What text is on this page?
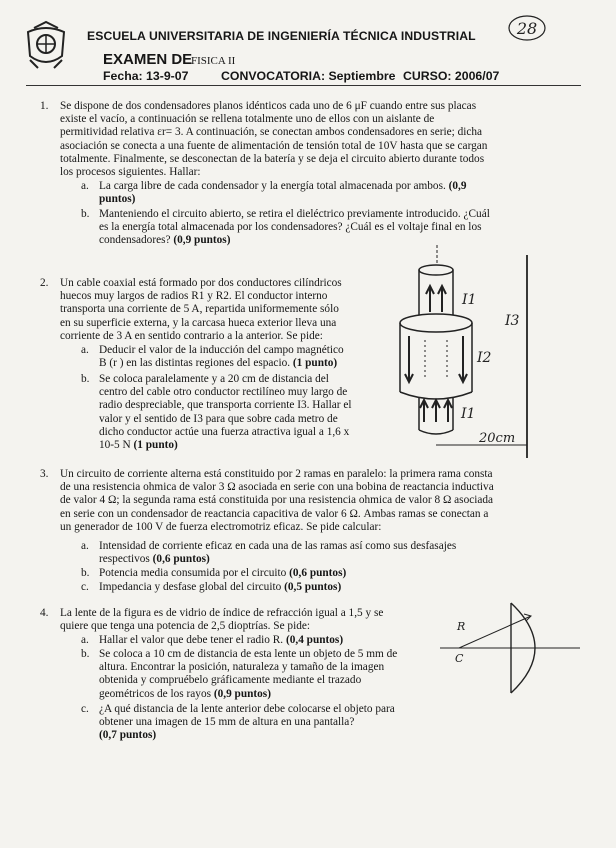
ESCUELA UNIVERSITARIA DE INGENIERÍA TÉCNICA INDUSTRIAL
EXAMEN DE
FISICA II
Fecha: 13-9-07	CONVOCATORIA: Septiembre CURSO: 2006/07
28
1. Se dispone de dos condensadores planos idénticos cada uno de 6 μF cuando entre sus placas

existe el vacío, a continuación se rellena totalmente uno de ellos con un aislante de

permitividad relativa εr= 3. A continuación, se conectan ambos condensadores en serie; dicha

asociación se conecta a una fuente de alimentación de tensión total de 10V hasta que se cargan

totalmente. Finalmente, se desconectan de la batería y se deja el circuito abierto durante todos

los procesos siguientes. Hallar:

a. La carga libre de cada condensador y la energía total almacenada por ambos. (0,9

puntos)

b. Manteniendo el circuito abierto, se retira el dieléctrico previamente introducido. ¿Cuál

es la energía total almacenada por los condensadores? ¿Cuál es el voltaje final en los

condensadores? (0,9 puntos)

2. Un cable coaxial está formado por dos conductores cilíndricos

huecos muy largos de radios R1 y R2. El conductor interno

transporta una corriente de 5 A, repartida uniformemente sólo

en su superficie externa, y la carcasa hueca exterior lleva una

corriente de 3 A en sentido contrario a la anterior. Se pide:

a. Deducir el valor de la inducción del campo magnético

B (r ) en las distintas regiones del espacio. (1 punto)

b. Se coloca paralelamente y a 20 cm de distancia del

centro del cable otro conductor rectilíneo muy largo de

radio despreciable, que transporta corriente I3. Hallar el

valor y el sentido de I3 para que sobre cada metro de

dicho conductor actúe una fuerza atractiva igual a 1,6 x

10-5 N (1 punto)

I1
I3
I2
I1
20cm
3. Un circuito de corriente alterna está constituido por 2 ramas en paralelo: la primera rama consta

de una resistencia ohmica de valor 3 Ω asociada en serie con una bobina de reactancia inductiva

de valor 4 Ω; la segunda rama está constituida por una resistencia ohmica de valor 8 Ω asociada

en serie con un condensador de reactancia capacitiva de valor 6 Ω. Ambas ramas se conectan a

un generador de 100 V de fuerza electromotriz eficaz. Se pide calcular:

a. Intensidad de corriente eficaz en cada una de las ramas así como sus desfasajes

respectivos (0,6 puntos)

b. Potencia media consumida por el circuito (0,6 puntos)

c. Impedancia y desfase global del circuito (0,5 puntos)

4. La lente de la figura es de vidrio de índice de refracción igual a 1,5 y se

quiere que tenga una potencia de 2,5 dioptrías. Se pide:

a. Hallar el valor que debe tener el radio R. (0,4 puntos)

b. Se coloca a 10 cm de distancia de esta lente un objeto de 5 mm de

altura. Encontrar la posición, naturaleza y tamaño de la imagen

obtenida y compruébelo gráficamente mediante el trazado

geométricos de los rayos (0,9 puntos)

c. ¿A qué distancia de la lente anterior debe colocarse el objeto para

obtener una imagen de 15 mm de altura en una pantalla?

(0,7 puntos)

R
C
